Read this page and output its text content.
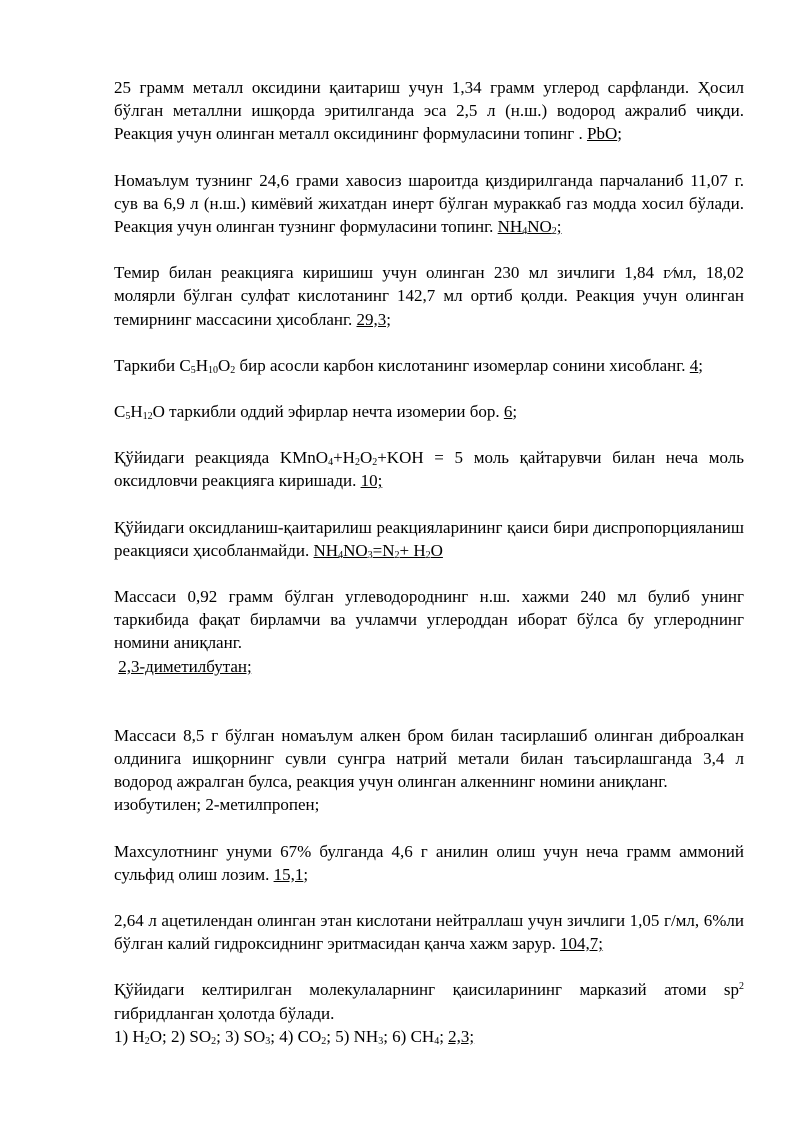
25 грамм металл оксидини қаитариш учун 1,34 грамм углерод сарфланди. Ҳосил бўлган металлни ишқорда эритилганда эса 2,5 л (н.ш.) водород ажралиб чиқди. Реакция учун олинган металл оксидининг формуласини топинг . PbO;

Номаълум тузнинг 24,6 грами хавосиз шароитда қиздирилганда парчаланиб 11,07 г. сув ва 6,9 л (н.ш.) кимёвий жихатдан инерт бўлган мураккаб газ модда хосил бўлади. Реакция учун олинган тузнинг формуласини топинг. $NH_4NO_2$;

Темир билан реакцияга киришиш учун олинган 230 мл зичлиги 1,84 г⁄мл, 18,02 молярли бўлган сулфат кислотанинг 142,7 мл ортиб қолди. Реакция учун олинган темирнинг массасини ҳисобланг. 29,3;

Таркиби $C_5H_{10}O_2$ бир асосли карбон кислотанинг изомерлар сонини хисобланг. 4;

$C_5H_{12}O$ таркибли оддий эфирлар нечта изомерии бор. 6;

Қўйидаги реакцияда $KMnO_4+H_2O_2+KOH = 5$ моль қайтарувчи билан неча моль оксидловчи реакцияга киришади. 10;

Қўйидаги оксидланиш-қаитарилиш реакцияларининг қаиси бири диспропорцияланиш реакцияси ҳисобланмайди. $NH_4NO_3=N_2+ H_2O$

Массаси 0,92 грамм бўлган углеводороднинг н.ш. хажми 240 мл булиб унинг таркибида фақат бирламчи ва учламчи углероддан иборат бўлса бу углероднинг номини аниқланг.
2,3-диметилбутан;

Массаси 8,5 г бўлган номаълум алкен бром билан тасирлашиб олинган диброалкан олдинига ишқорнинг сувли сунгра натрий метали билан таъсирлашганда 3,4 л водород ажралган булса, реакция учун олинган алкеннинг номини аниқланг.
изобутилен; 2-метилпропен;

Махсулотнинг унуми 67% булганда 4,6 г анилин олиш учун неча грамм аммоний сульфид олиш лозим. 15,1;

2,64 л ацетилендан олинган этан кислотани нейтраллаш учун зичлиги 1,05 г/мл, 6%ли бўлган калий гидроксиднинг эритмасидан қанча хажм зарур. 104,7;

Қўйидаги келтирилган молекулаларнинг қаисиларининг марказий атоми $sp^2$ гибридланган ҳолотда бўлади.
1) $H_2O$; 2) $SO_2$; 3) $SO_3$; 4) $CO_2$; 5) $NH_3$; 6) $CH_4$; 2,3;
